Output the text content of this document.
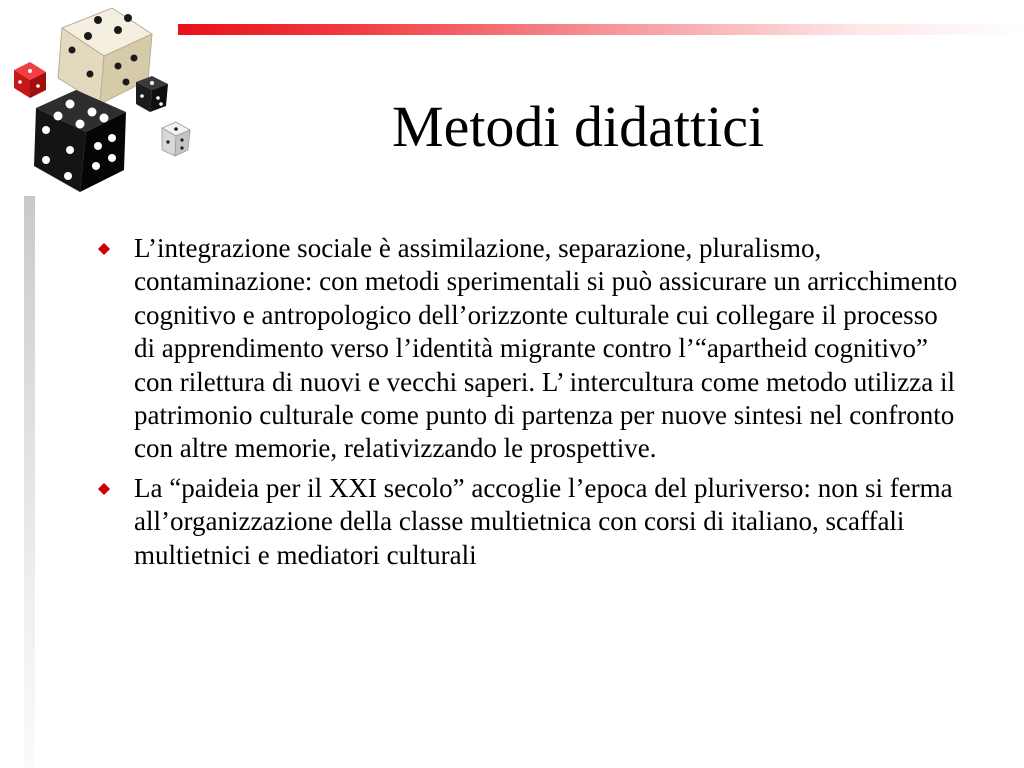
Metodi didattici
L’integrazione sociale è assimilazione, separazione, pluralismo, contaminazione: con metodi sperimentali si può assicurare un arricchimento cognitivo e antropologico dell’orizzonte culturale cui collegare il processo di apprendimento verso l’identità migrante contro l’“apartheid cognitivo” con rilettura di nuovi e vecchi saperi. L’ intercultura come metodo utilizza il patrimonio culturale come punto di partenza per nuove sintesi nel confronto con altre memorie, relativizzando le prospettive.
La “paideia per il XXI secolo” accoglie l’epoca del pluriverso: non si ferma all’organizzazione della classe multietnica con corsi di italiano, scaffali multietnici e mediatori culturali
